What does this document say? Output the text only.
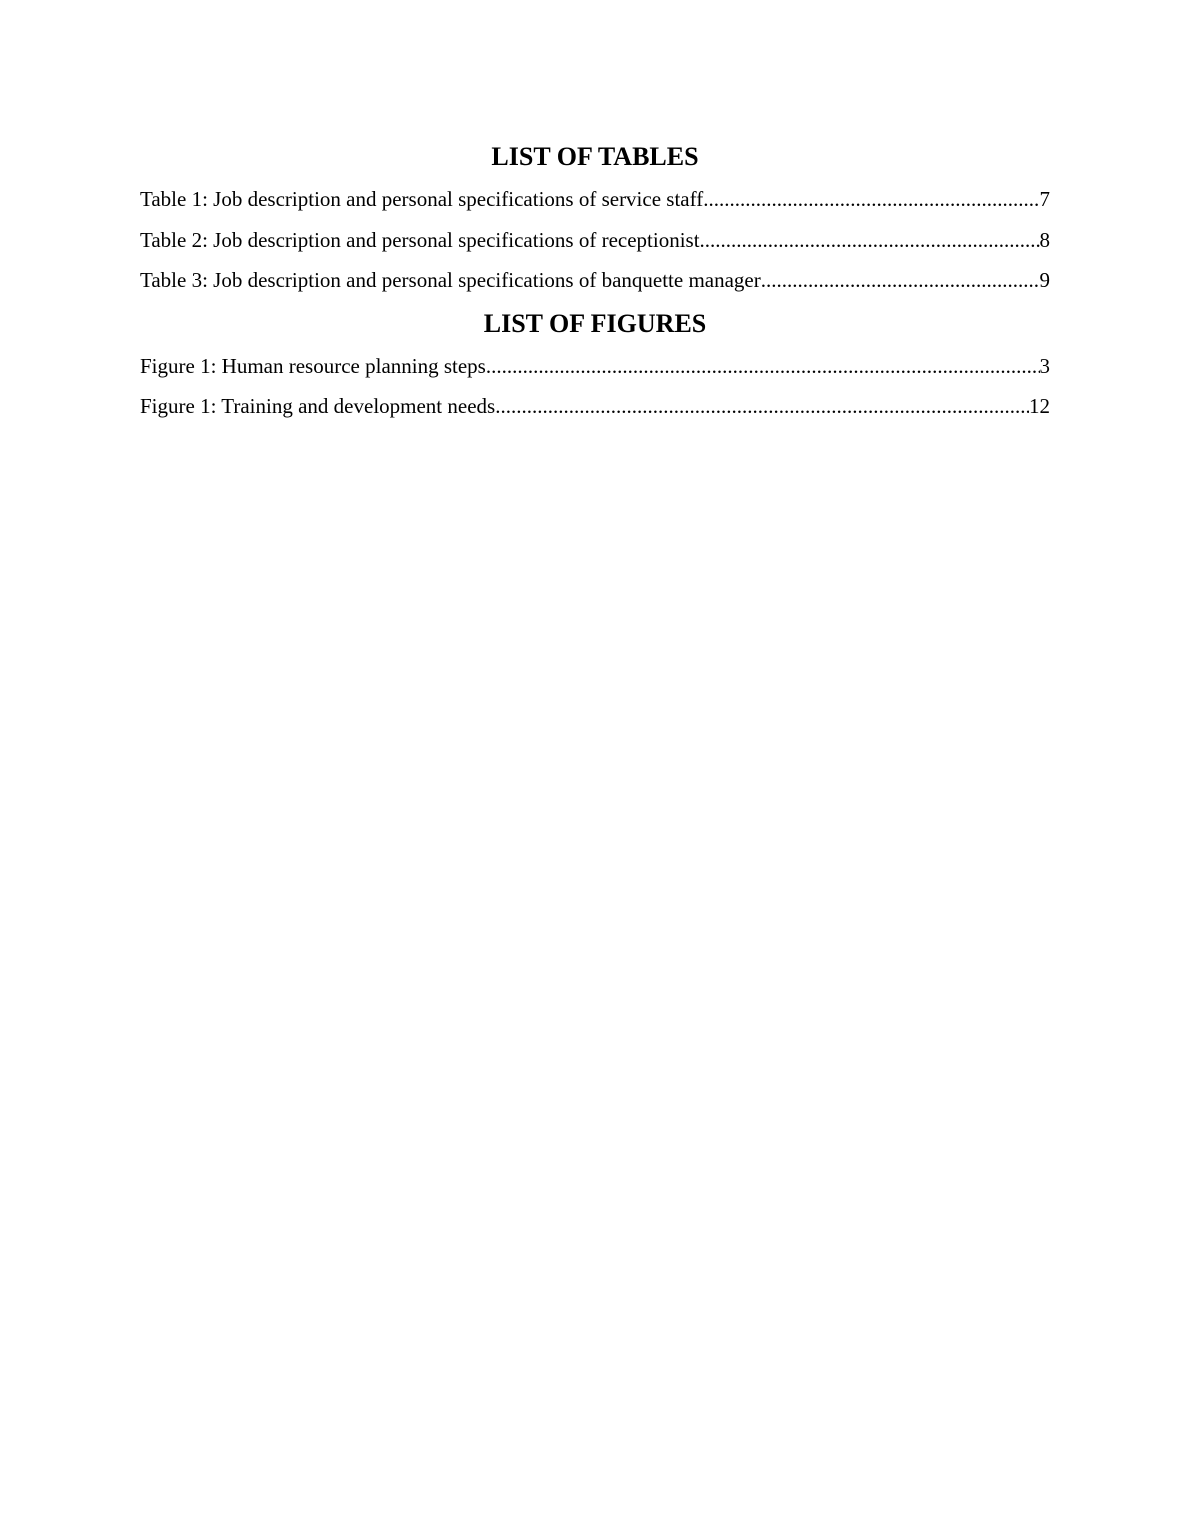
LIST OF TABLES
Table 1: Job description and personal specifications of service staff .....	7
Table 2: Job description and personal specifications of receptionist .....	8
Table 3: Job description and personal specifications of banquette manager .....	9
LIST OF FIGURES
Figure 1: Human resource planning steps .....	3
Figure 1: Training and development needs .....	12
